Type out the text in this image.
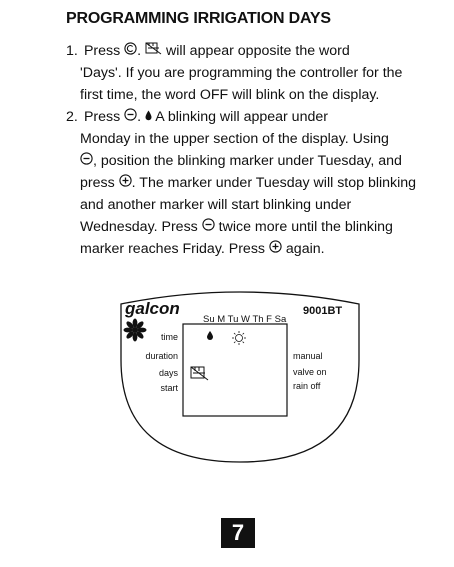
PROGRAMMING IRRIGATION DAYS
1. Press . will appear opposite the word
'Days'. If you are programming the controller for the
first time, the word OFF will blink on the display.
2. Press . A blinking will appear under
Monday in the upper section of the display. Using
, position the blinking marker under Tuesday, and
press . The marker under Tuesday will stop blinking
and another marker will start blinking under
Wednesday. Press twice more until the blinking
marker reaches Friday. Press again.
galcon	9001BT
Su M Tu W Th F Sa
time
duration
days
start
manual
valve on
rain off
7
